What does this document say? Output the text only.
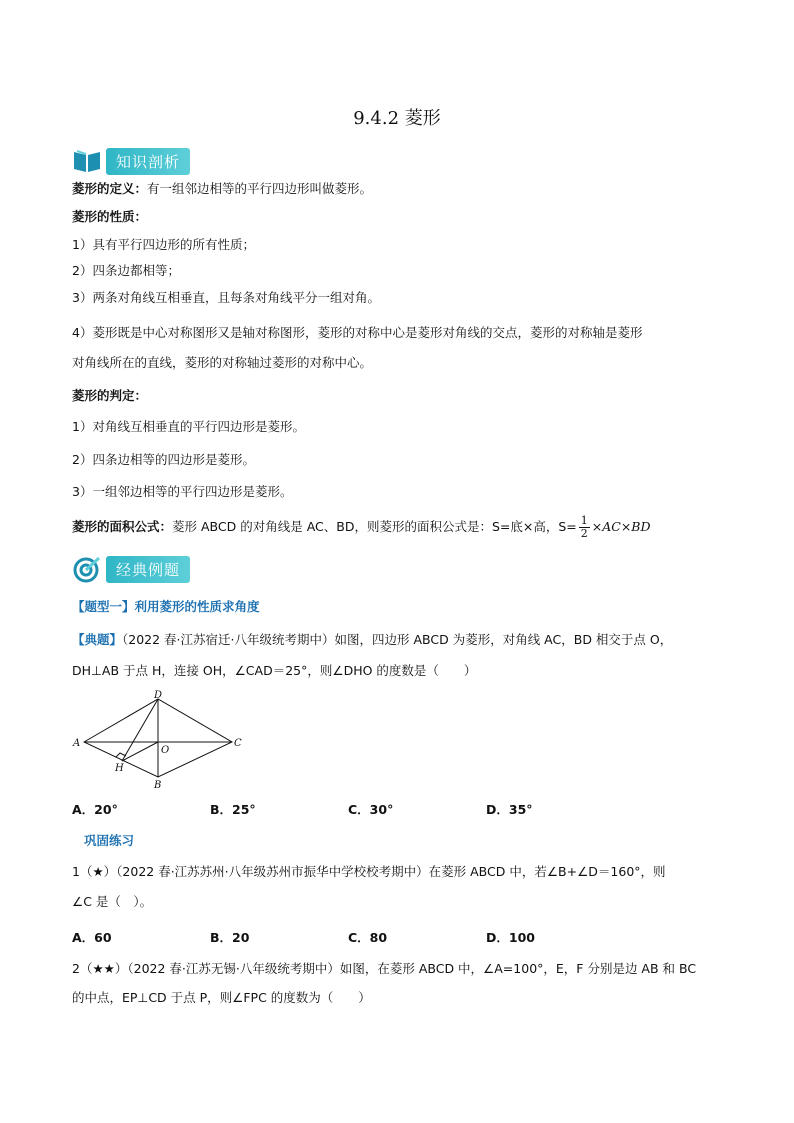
9.4.2 菱形
知识剖析
菱形的定义：有一组邻边相等的平行四边形叫做菱形。
菱形的性质：
1）具有平行四边形的所有性质；
2）四条边都相等；
3）两条对角线互相垂直，且每条对角线平分一组对角。
4）菱形既是中心对称图形又是轴对称图形，菱形的对称中心是菱形对角线的交点，菱形的对称轴是菱形
对角线所在的直线，菱形的对称轴过菱形的对称中心。
菱形的判定：
1）对角线互相垂直的平行四边形是菱形。
2）四条边相等的四边形是菱形。
3）一组邻边相等的平行四边形是菱形。
菱形的面积公式：菱形 ABCD 的对角线是 AC、BD，则菱形的面积公式是：S=底×高，$S= \frac{1}{2} \times AC\times BD$
经典例题
【题型一】利用菱形的性质求角度
【典题】（2022 春·江苏宿迁·八年级统考期中）如图，四边形 ABCD 为菱形，对角线 AC，BD 相交于点 O，
DH⊥AB 于点 H，连接 OH，∠CAD＝25°，则∠DHO 的度数是（　　）
A
B
C
D
O
H
A．20°	B．25°	C．30°	D．35°
巩固练习
1（★）（2022 春·江苏苏州·八年级苏州市振华中学校校考期中）在菱形 ABCD 中，若∠B+∠D＝160°，则
∠C 是（　）。
A．60	B．20	C．80	D．100
2（★★）（2022 春·江苏无锡·八年级统考期中）如图，在菱形 ABCD 中，∠A=100°，E，F 分别是边 AB 和 BC
的中点，EP⊥CD 于点 P，则∠FPC 的度数为（　　）
